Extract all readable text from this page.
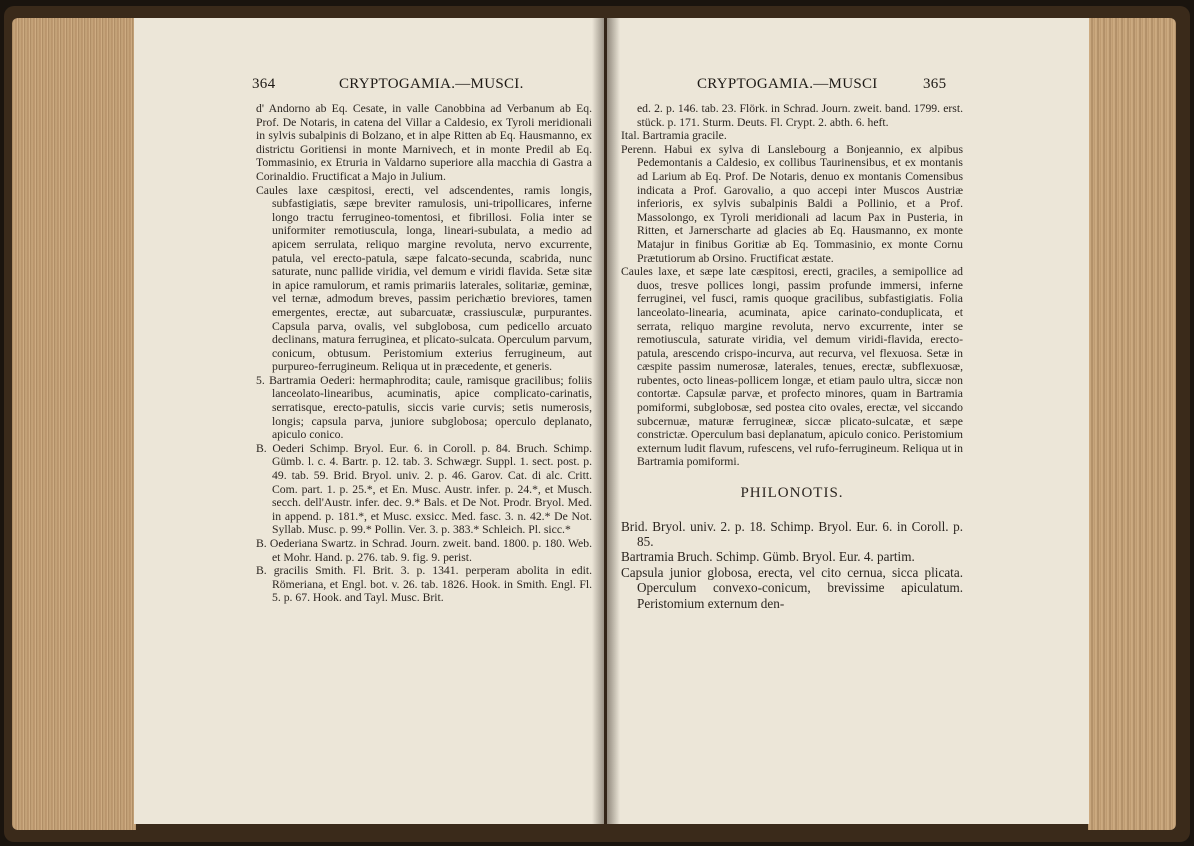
364	CRYPTOGAMIA.—MUSCI.

d' Andorno ab Eq. Cesate, in valle Canobbina ad Verbanum ab Eq. Prof. De Notaris, in catena del Villar a Caldesio, ex Tyroli meridionali in sylvis subalpinis di Bolzano, et in alpe Ritten ab Eq. Hausmanno, ex districtu Goritiensi in monte Marnivech, et in monte Predil ab Eq. Tommasinio, ex Etruria in Valdarno superiore alla macchia di Gastra a Corinaldio. Fructificat a Majo in Julium.

Caules laxe cæspitosi, erecti, vel adscendentes, ramis longis, subfastigiatis, sæpe breviter ramulosis, uni-tripollicares, inferne longo tractu ferrugineo-tomentosi, et fibrillosi. Folia inter se uniformiter remotiuscula, longa, lineari-subulata, a medio ad apicem serrulata, reliquo margine revoluta, nervo excurrente, patula, vel erecto-patula, sæpe falcato-secunda, scabrida, nunc saturate, nunc pallide viridia, vel demum e viridi flavida. Setæ sitæ in apice ramulorum, et ramis primariis laterales, solitariæ, geminæ, vel ternæ, admodum breves, passim perichætio breviores, tamen emergentes, erectæ, aut subarcuatæ, crassiusculæ, purpurantes. Capsula parva, ovalis, vel subglobosa, cum pedicello arcuato declinans, matura ferruginea, et plicato-sulcata. Operculum parvum, conicum, obtusum. Peristomium exterius ferrugineum, aut purpureo-ferrugineum. Reliqua ut in præcedente, et generis.

5. Bartramia Oederi: hermaphrodita; caule, ramisque gracilibus; foliis lanceolato-linearibus, acuminatis, apice complicato-carinatis, serratisque, erecto-patulis, siccis varie curvis; setis numerosis, longis; capsula parva, juniore subglobosa; operculo deplanato, apiculo conico.

B. Oederi Schimp. Bryol. Eur. 6. in Coroll. p. 84. Bruch. Schimp. Gümb. l. c. 4. Bartr. p. 12. tab. 3. Schwægr. Suppl. 1. sect. post. p. 49. tab. 59. Brid. Bryol. univ. 2. p. 46. Garov. Cat. di alc. Critt. Com. part. 1. p. 25.*, et En. Musc. Austr. infer. p. 24.*, et Musch. secch. dell'Austr. infer. dec. 9.* Bals. et De Not. Prodr. Bryol. Med. in append. p. 181.*, et Musc. exsicc. Med. fasc. 3. n. 42.* De Not. Syllab. Musc. p. 99.* Pollin. Ver. 3. p. 383.* Schleich. Pl. sicc.*

B. Oederiana Swartz. in Schrad. Journ. zweit. band. 1800. p. 180. Web. et Mohr. Hand. p. 276. tab. 9. fig. 9. perist.

B. gracilis Smith. Fl. Brit. 3. p. 1341. perperam abolita in edit. Römeriana, et Engl. bot. v. 26. tab. 1826. Hook. in Smith. Engl. Fl. 5. p. 67. Hook. and Tayl. Musc. Brit.

CRYPTOGAMIA.—MUSCI	365

ed. 2. p. 146. tab. 23. Flörk. in Schrad. Journ. zweit. band. 1799. erst. stück. p. 171. Sturm. Deuts. Fl. Crypt. 2. abth. 6. heft.

Ital. Bartramia gracile.

Perenn. Habui ex sylva di Lanslebourg a Bonjeannio, ex alpibus Pedemontanis a Caldesio, ex collibus Taurinensibus, et ex montanis ad Larium ab Eq. Prof. De Notaris, denuo ex montanis Comensibus indicata a Prof. Garovalio, a quo accepi inter Muscos Austriæ inferioris, ex sylvis subalpinis Baldi a Pollinio, et a Prof. Massolongo, ex Tyroli meridionali ad lacum Pax in Pusteria, in Ritten, et Jarnerscharte ad glacies ab Eq. Hausmanno, ex monte Matajur in finibus Goritiæ ab Eq. Tommasinio, ex monte Cornu Prætutiorum ab Orsino. Fructificat æstate.

Caules laxe, et sæpe late cæspitosi, erecti, graciles, a semipollice ad duos, tresve pollices longi, passim profunde immersi, inferne ferruginei, vel fusci, ramis quoque gracilibus, subfastigiatis. Folia lanceolato-linearia, acuminata, apice carinato-conduplicata, et serrata, reliquo margine revoluta, nervo excurrente, inter se remotiuscula, saturate viridia, vel demum viridi-flavida, erecto-patula, arescendo crispo-incurva, aut recurva, vel flexuosa. Setæ in cæspite passim numerosæ, laterales, tenues, erectæ, subflexuosæ, rubentes, octo lineas-pollicem longæ, et etiam paulo ultra, siccæ non contortæ. Capsulæ parvæ, et profecto minores, quam in Bartramia pomiformi, subglobosæ, sed postea cito ovales, erectæ, vel siccando subcernuæ, maturæ ferrugineæ, siccæ plicato-sulcatæ, et sæpe constrictæ. Operculum basi deplanatum, apiculo conico. Peristomium externum ludit flavum, rufescens, vel rufo-ferrugineum. Reliqua ut in Bartramia pomiformi.

PHILONOTIS.

Brid. Bryol. univ. 2. p. 18. Schimp. Bryol. Eur. 6. in Coroll. p. 85.

Bartramia Bruch. Schimp. Gümb. Bryol. Eur. 4. partim.

Capsula junior globosa, erecta, vel cito cernua, sicca plicata. Operculum convexo-conicum, brevissime apiculatum. Peristomium externum den-
